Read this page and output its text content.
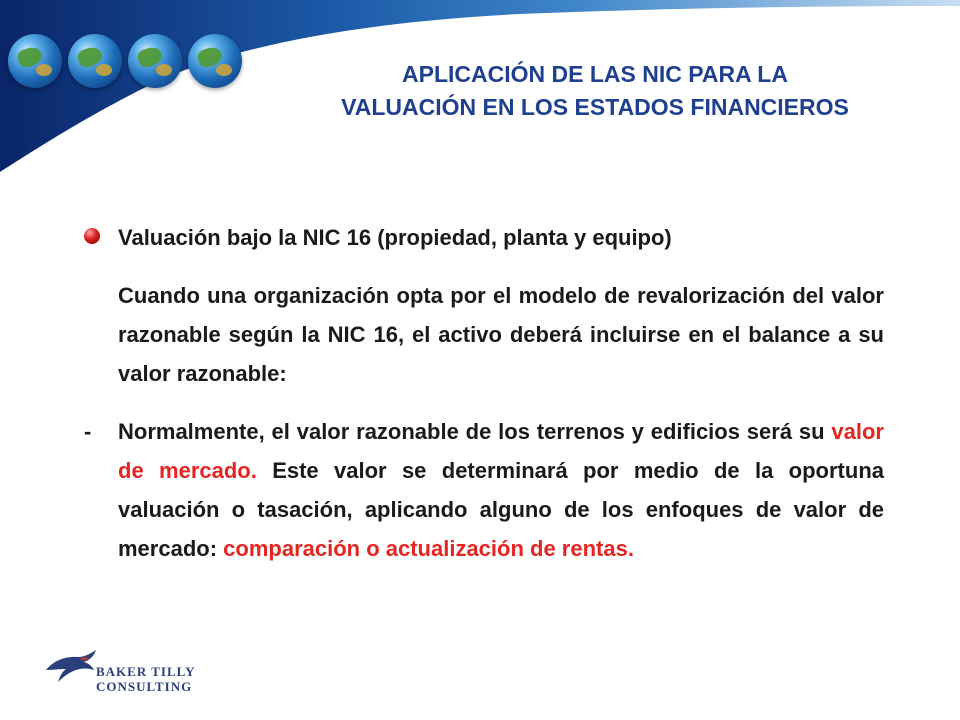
APLICACIÓN DE LAS NIC PARA LA
VALUACIÓN EN LOS ESTADOS FINANCIEROS
Valuación bajo la NIC 16 (propiedad, planta y equipo)
Cuando una organización opta por el modelo de revalorización del valor razonable según la NIC 16, el activo deberá incluirse en el balance a su valor razonable:
- Normalmente, el valor razonable de los terrenos y edificios será su valor de mercado. Este valor se determinará por medio de la oportuna valuación o tasación, aplicando alguno de los enfoques de valor de mercado: comparación o actualización de rentas.
BAKER TILLY
CONSULTING
